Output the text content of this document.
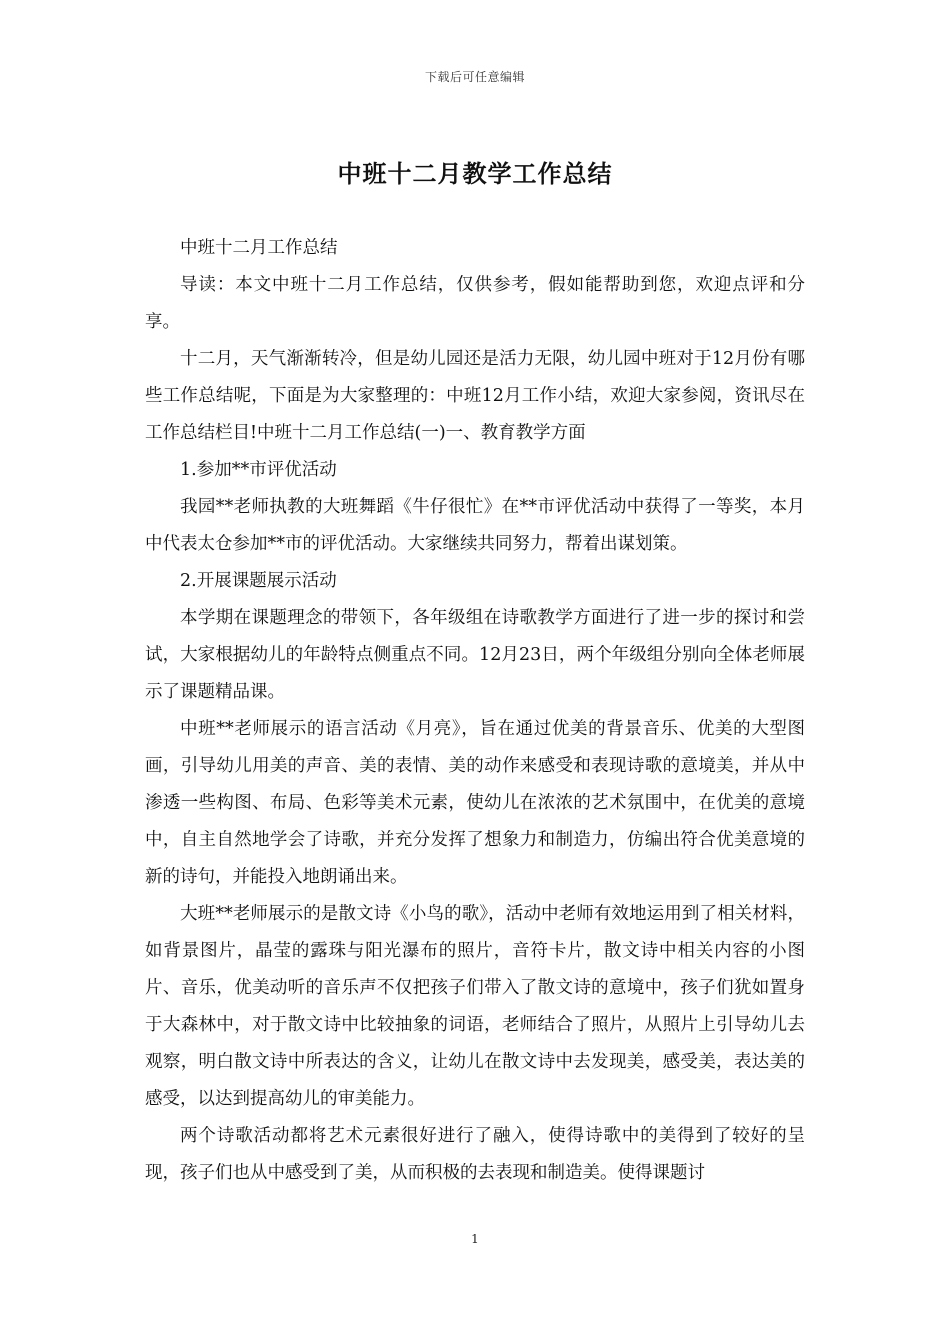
下载后可任意编辑
中班十二月教学工作总结

中班十二月工作总结

导读：本文中班十二月工作总结，仅供参考，假如能帮助到您，欢迎点评和分享。

十二月，天气渐渐转冷，但是幼儿园还是活力无限，幼儿园中班对于12月份有哪些工作总结呢，下面是为大家整理的：中班12月工作小结，欢迎大家参阅，资讯尽在工作总结栏目!中班十二月工作总结(一)一、教育教学方面

1.参加**市评优活动

我园**老师执教的大班舞蹈《牛仔很忙》在**市评优活动中获得了一等奖，本月中代表太仓参加**市的评优活动。大家继续共同努力，帮着出谋划策。

2.开展课题展示活动

本学期在课题理念的带领下，各年级组在诗歌教学方面进行了进一步的探讨和尝试，大家根据幼儿的年龄特点侧重点不同。12月23日，两个年级组分别向全体老师展示了课题精品课。

中班**老师展示的语言活动《月亮》，旨在通过优美的背景音乐、优美的大型图画，引导幼儿用美的声音、美的表情、美的动作来感受和表现诗歌的意境美，并从中渗透一些构图、布局、色彩等美术元素，使幼儿在浓浓的艺术氛围中，在优美的意境中，自主自然地学会了诗歌，并充分发挥了想象力和制造力，仿编出符合优美意境的新的诗句，并能投入地朗诵出来。

大班**老师展示的是散文诗《小鸟的歌》，活动中老师有效地运用到了相关材料，如背景图片，晶莹的露珠与阳光瀑布的照片，音符卡片，散文诗中相关内容的小图片、音乐，优美动听的音乐声不仅把孩子们带入了散文诗的意境中，孩子们犹如置身于大森林中，对于散文诗中比较抽象的词语，老师结合了照片，从照片上引导幼儿去观察，明白散文诗中所表达的含义，让幼儿在散文诗中去发现美，感受美，表达美的感受，以达到提高幼儿的审美能力。

两个诗歌活动都将艺术元素很好进行了融入，使得诗歌中的美得到了较好的呈现，孩子们也从中感受到了美，从而积极的去表现和制造美。使得课题讨

1
